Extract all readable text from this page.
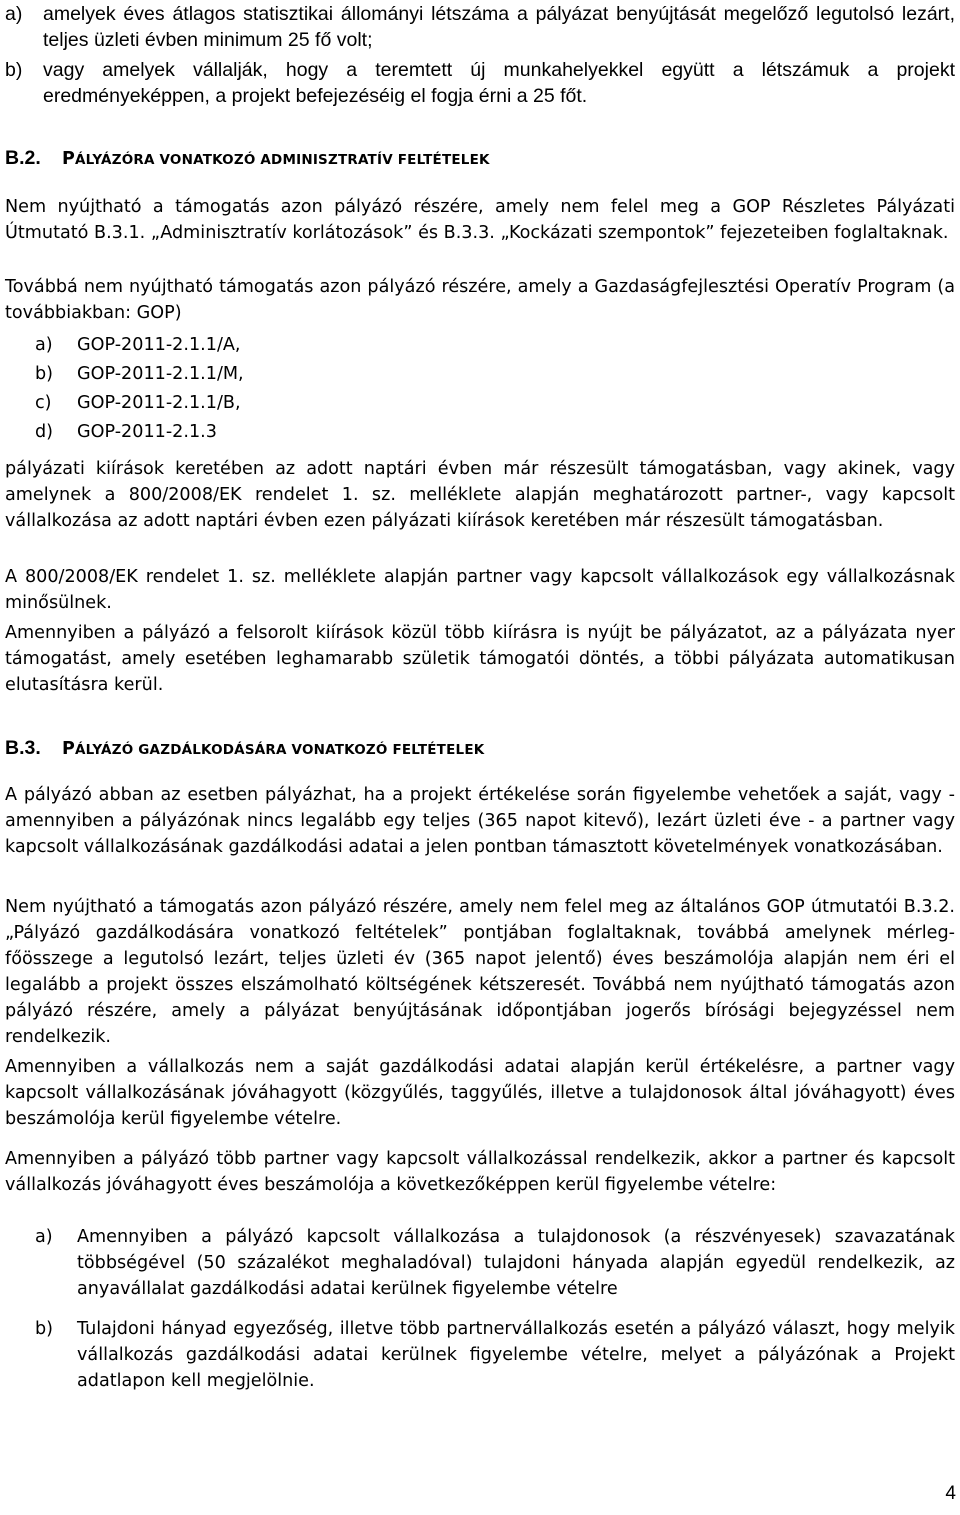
a)	amelyek éves átlagos statisztikai állományi létszáma a pályázat benyújtását megelőző legutolsó lezárt, teljes üzleti évben minimum 25 fő volt;
b)	vagy amelyek vállalják, hogy a teremtett új munkahelyekkel együtt a létszámuk a projekt eredményeképpen, a projekt befejezéséig el fogja érni a 25 főt.
B.2.	PÁLYÁZÓRA VONATKOZÓ ADMINISZTRATÍV FELTÉTELEK

Nem nyújtható a támogatás azon pályázó részére, amely nem felel meg a GOP Részletes Pályázati Útmutató B.3.1. „Adminisztratív korlátozások” és B.3.3. „Kockázati szempontok” fejezeteiben foglaltaknak.

Továbbá nem nyújtható támogatás azon pályázó részére, amely a Gazdaságfejlesztési Operatív Program (a továbbiakban: GOP)

a)	GOP-2011-2.1.1/A,
b)	GOP-2011-2.1.1/M,
c)	GOP-2011-2.1.1/B,
d)	GOP-2011-2.1.3

pályázati kiírások keretében az adott naptári évben már részesült támogatásban, vagy akinek, vagy amelynek a 800/2008/EK rendelet 1. sz. melléklete alapján meghatározott partner-, vagy kapcsolt vállalkozása az adott naptári évben ezen pályázati kiírások keretében már részesült támogatásban.

A 800/2008/EK rendelet 1. sz. melléklete alapján partner vagy kapcsolt vállalkozások egy vállalkozásnak minősülnek.

Amennyiben a pályázó a felsorolt kiírások közül több kiírásra is nyújt be pályázatot, az a pályázata nyer támogatást, amely esetében leghamarabb születik támogatói döntés, a többi pályázata automatikusan elutasításra kerül.

B.3.	PÁLYÁZÓ GAZDÁLKODÁSÁRA VONATKOZÓ FELTÉTELEK

A pályázó abban az esetben pályázhat, ha a projekt értékelése során figyelembe vehetőek a saját, vagy - amennyiben a pályázónak nincs legalább egy teljes (365 napot kitevő), lezárt üzleti éve - a partner vagy kapcsolt vállalkozásának gazdálkodási adatai a jelen pontban támasztott követelmények vonatkozásában.

Nem nyújtható a támogatás azon pályázó részére, amely nem felel meg az általános GOP útmutatói B.3.2. „Pályázó gazdálkodására vonatkozó feltételek” pontjában foglaltaknak, továbbá amelynek mérleg-főösszege a legutolsó lezárt, teljes üzleti év (365 napot jelentő) éves beszámolója alapján nem éri el legalább a projekt összes elszámolható költségének kétszeresét. Továbbá nem nyújtható támogatás azon pályázó részére, amely a pályázat benyújtásának időpontjában jogerős bírósági bejegyzéssel nem rendelkezik.

Amennyiben a vállalkozás nem a saját gazdálkodási adatai alapján kerül értékelésre, a partner vagy kapcsolt vállalkozásának jóváhagyott (közgyűlés, taggyűlés, illetve a tulajdonosok által jóváhagyott) éves beszámolója kerül figyelembe vételre.

Amennyiben a pályázó több partner vagy kapcsolt vállalkozással rendelkezik, akkor a partner és kapcsolt vállalkozás jóváhagyott éves beszámolója a következőképpen kerül figyelembe vételre:

a)	Amennyiben a pályázó kapcsolt vállalkozása a tulajdonosok (a részvényesek) szavazatának többségével (50 százalékot meghaladóval) tulajdoni hányada alapján egyedül rendelkezik, az anyavállalat gazdálkodási adatai kerülnek figyelembe vételre
b)	Tulajdoni hányad egyezőség, illetve több partnervállalkozás esetén a pályázó választ, hogy melyik vállalkozás gazdálkodási adatai kerülnek figyelembe vételre, melyet a pályázónak a Projekt adatlapon kell megjelölnie.
4
